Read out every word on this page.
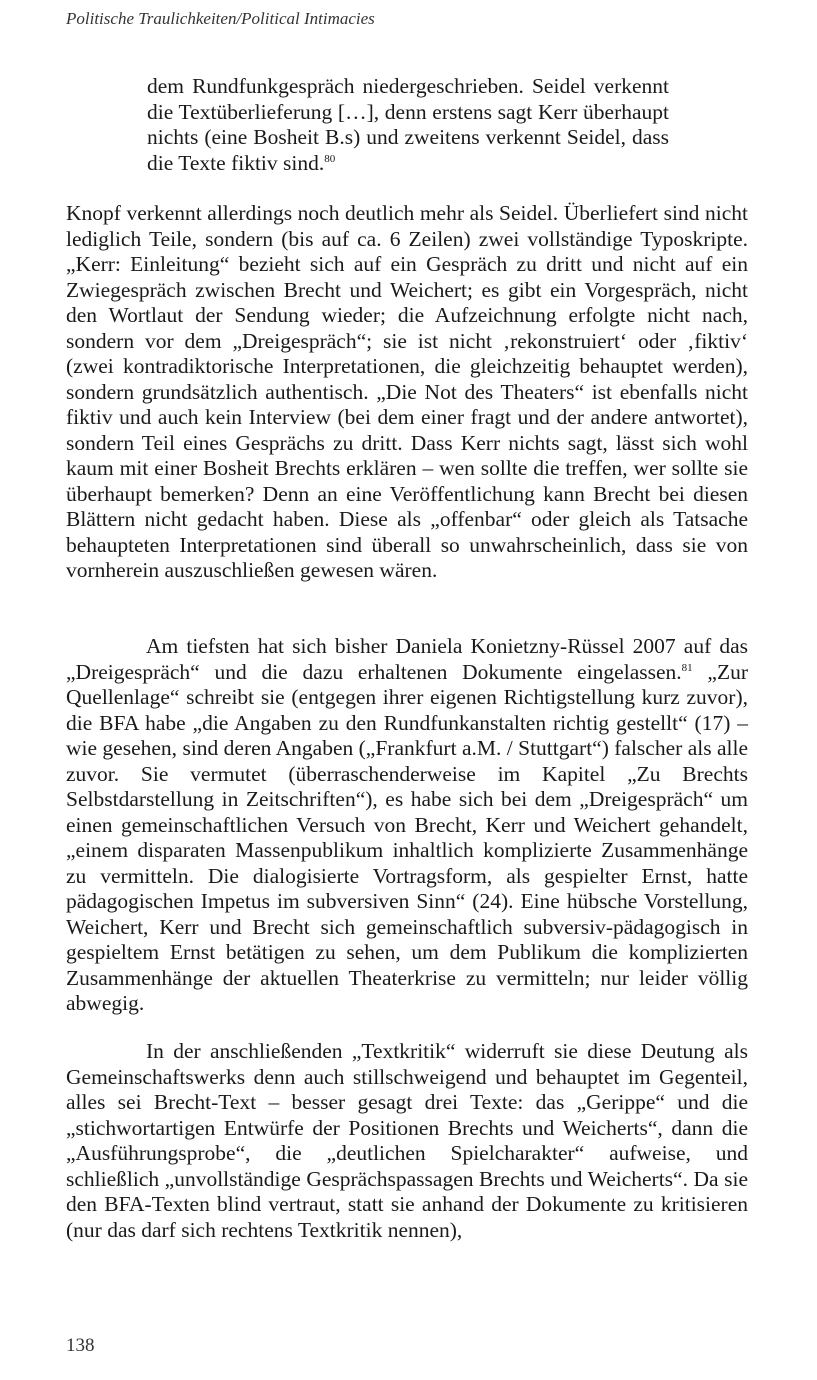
Politische Traulichkeiten/Political Intimacies
dem Rundfunkgespräch niedergeschrieben. Seidel verkennt die Textüberlieferung […], denn erstens sagt Kerr überhaupt nichts (eine Bosheit B.s) und zweitens verkennt Seidel, dass die Texte fiktiv sind.$^{80}$
Knopf verkennt allerdings noch deutlich mehr als Seidel. Überliefert sind nicht lediglich Teile, sondern (bis auf ca. 6 Zeilen) zwei vollständige Typoskripte. „Kerr: Einleitung“ bezieht sich auf ein Gespräch zu dritt und nicht auf ein Zwiegespräch zwischen Brecht und Weichert; es gibt ein Vorgespräch, nicht den Wortlaut der Sendung wieder; die Aufzeichnung erfolgte nicht nach, sondern vor dem „Dreigespräch“; sie ist nicht ‚rekonstruiert‘ oder ‚fiktiv‘ (zwei kontradiktorische Interpretationen, die gleichzeitig behauptet werden), sondern grundsätzlich authentisch. „Die Not des Theaters“ ist ebenfalls nicht fiktiv und auch kein Interview (bei dem einer fragt und der andere antwortet), sondern Teil eines Gesprächs zu dritt. Dass Kerr nichts sagt, lässt sich wohl kaum mit einer Bosheit Brechts erklären – wen sollte die treffen, wer sollte sie überhaupt bemerken? Denn an eine Veröffentlichung kann Brecht bei diesen Blättern nicht gedacht haben. Diese als „offenbar“ oder gleich als Tatsache behaupteten Interpretationen sind überall so unwahrscheinlich, dass sie von vornherein auszuschließen gewesen wären.
Am tiefsten hat sich bisher Daniela Konietzny-Rüssel 2007 auf das „Dreigespräch“ und die dazu erhaltenen Dokumente eingelassen.$^{81}$ „Zur Quellenlage“ schreibt sie (entgegen ihrer eigenen Richtigstellung kurz zuvor), die BFA habe „die Angaben zu den Rundfunkanstalten richtig gestellt“ (17) – wie gesehen, sind deren Angaben („Frankfurt a.M. / Stuttgart“) falscher als alle zuvor. Sie vermutet (überraschenderweise im Kapitel „Zu Brechts Selbstdarstellung in Zeitschriften“), es habe sich bei dem „Dreigespräch“ um einen gemeinschaftlichen Versuch von Brecht, Kerr und Weichert gehandelt, „einem disparaten Massenpublikum inhaltlich komplizierte Zusammenhänge zu vermitteln. Die dialogisierte Vortragsform, als gespielter Ernst, hatte pädagogischen Impetus im subversiven Sinn“ (24). Eine hübsche Vorstellung, Weichert, Kerr und Brecht sich gemeinschaftlich subversiv-pädagogisch in gespieltem Ernst betätigen zu sehen, um dem Publikum die komplizierten Zusammenhänge der aktuellen Theaterkrise zu vermitteln; nur leider völlig abwegig.
In der anschließenden „Textkritik“ widerruft sie diese Deutung als Gemeinschaftswerks denn auch stillschweigend und behauptet im Gegenteil, alles sei Brecht-Text – besser gesagt drei Texte: das „Gerippe“ und die „stichwortartigen Entwürfe der Positionen Brechts und Weicherts“, dann die „Ausführungsprobe“, die „deutlichen Spielcharakter“ aufweise, und schließlich „unvollständige Gesprächspassagen Brechts und Weicherts“. Da sie den BFA-Texten blind vertraut, statt sie anhand der Dokumente zu kritisieren (nur das darf sich rechtens Textkritik nennen),
138
